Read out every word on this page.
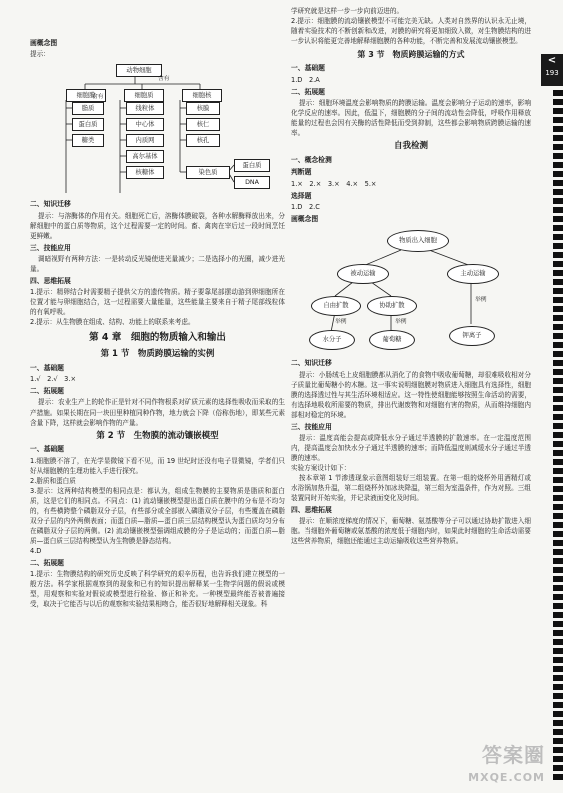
<
193
画概念图
提示：
动物细胞
含有
细胞膜
含有	细胞质	细胞核
脂质
蛋白质
糖类
线粒体
中心体
内质网
高尔基体
核糖体
核膜
核仁
核孔
染色质
蛋白质
DNA
二、知识迁移

提示：与溶酶体的作用有关。细胞死亡后，溶酶体膜破裂，各种水解酶释放出来，分解细胞中的蛋白质等物质，这个过程需要一定的时间。畜、禽肉在宰后过一段时间烹饪更鲜嫩。

三、技能应用

调暗视野有两种方法：一是转动反光镜使进光量减少；二是选择小的光圈，减少进光量。

四、思维拓展

1.提示：精卵结合时需要精子提供父方的遗传物质。精子要靠尾部摆动游到卵细胞所在位置才能与卵细胞结合，这一过程需要大量能量，这些能量主要来自于精子尾部线粒体的有氧呼吸。

2.提示：从生物膜在组成、结构、功能上的联系来考虑。

第 4 章　细胞的物质输入和输出
第 1 节　物质跨膜运输的实例
一、基础题

1.√　2.√　3.×

二、拓展题

提示：农业生产上的轮作正是针对不同作物根系对矿质元素的选择性吸收而采取的生产措施。如果长期在同一块田里种植同种作物，地力就会下降（俗称伤地），即某些元素含量下降，这样就会影响作物的产量。

第 2 节　生物膜的流动镶嵌模型
一、基础题

1.细胞膜不溶了，在光学显微镜下看不见，而 19 世纪时还没有电子显微镜，学者们只好从细胞膜的生理功能入手进行探究。

2.脂质和蛋白质

3.提示：这两种结构模型的相同点是：都认为，组成生物膜的主要物质是脂质和蛋白质，这是它们的相同点。不同点：(1) 流动镶嵌模型提出蛋白质在膜中的分布是不均匀的，有些横跨整个磷脂双分子层，有些部分或全部嵌入磷脂双分子层，有些覆盖在磷脂双分子层的内外两侧表面；而蛋白质—脂质—蛋白质三层结构模型认为蛋白质均匀分布在磷脂双分子层的两侧。(2) 流动镶嵌模型强调组成膜的分子是运动的；而蛋白质—脂质—蛋白质三层结构模型认为生物膜是静态结构。

4.D

二、拓展题

1.提示：生物膜结构的研究历史反映了科学研究的艰辛历程，也告诉我们建立模型的一般方法。科学家根据观察到的现象和已有的知识提出解释某一生物学问题的假说或模型，用观察和实验对假说或模型进行检验、修正和补充。一种模型最终能否被普遍接受，取决于它能否与以后的观察和实验结果相吻合，能否很好地解释相关现象。科

学研究就是这样一步一步向前迈进的。

2.提示：细胞膜的流动镶嵌模型不可能完美无缺。人类对自然界的认识永无止境，随着实验技术的不断创新和改进，对膜的研究将更加细致入微，对生物膜结构的进一步认识将能更完善地解释细胞膜的各种功能，不断完善和发展流动镶嵌模型。

第 3 节　物质跨膜运输的方式
一、基础题

1.D　2.A

二、拓展题

提示：细胞环境温度会影响物质的跨膜运输。温度会影响分子运动的速率，影响化学反应的速率。因此，低温下，细胞膜的分子间的流动性会降低，呼吸作用释放能量的过程也会因有关酶的活性降低而受到抑制，这些都会影响物质跨膜运输的速率。

自我检测
一、概念检测
判断题

1.×　2.×　3.×　4.×　5.×

选择题

1.D　2.C

画概念图
物质出入细胞
被动运输	主动运输
自由扩散	协助扩散
举例	举例
举例
水分子	葡萄糖
钾离子
二、知识迁移

提示：小肠绒毛上皮细胞膜都从消化了的食物中吸收葡萄糖，却很难吸收相对分子质量比葡萄糖小的木糖。这一事实说明细胞膜对物质进入细胞具有选择性，细胞膜的选择透过性与其生活环境相适应。这一特性使细胞能够按照生命活动的需要，有选择地吸收所需要的物质，排出代谢废物和对细胞有害的物质，从而维持细胞内部相对稳定的环境。

三、技能应用

提示：温度高能会提高或降低水分子通过半透膜的扩散速率。在一定温度范围内，提高温度会加快水分子通过半透膜的速率；而降低温度则减缓水分子通过半透膜的速率。

实验方案设计如下：

按本章第 1 节渗透现象示意图组装好三组装置。在第一组的烧杯外用酒精灯或水浴锅加热升温，第二组烧杯外加冰块降温，第三组为室温条件，作为对照。三组装置同时开始实验，并记录液面变化及时间。

四、思维拓展

提示：在顺浓度梯度的情况下，葡萄糖、氨基酸等分子可以通过协助扩散进入细胞。当细胞外葡萄糖或氨基酸的浓度低于细胞内时，如果此时细胞的生命活动需要这些营养物质，细胞还能通过主动运输吸收这些营养物质。

答案圈
MXQE.COM
